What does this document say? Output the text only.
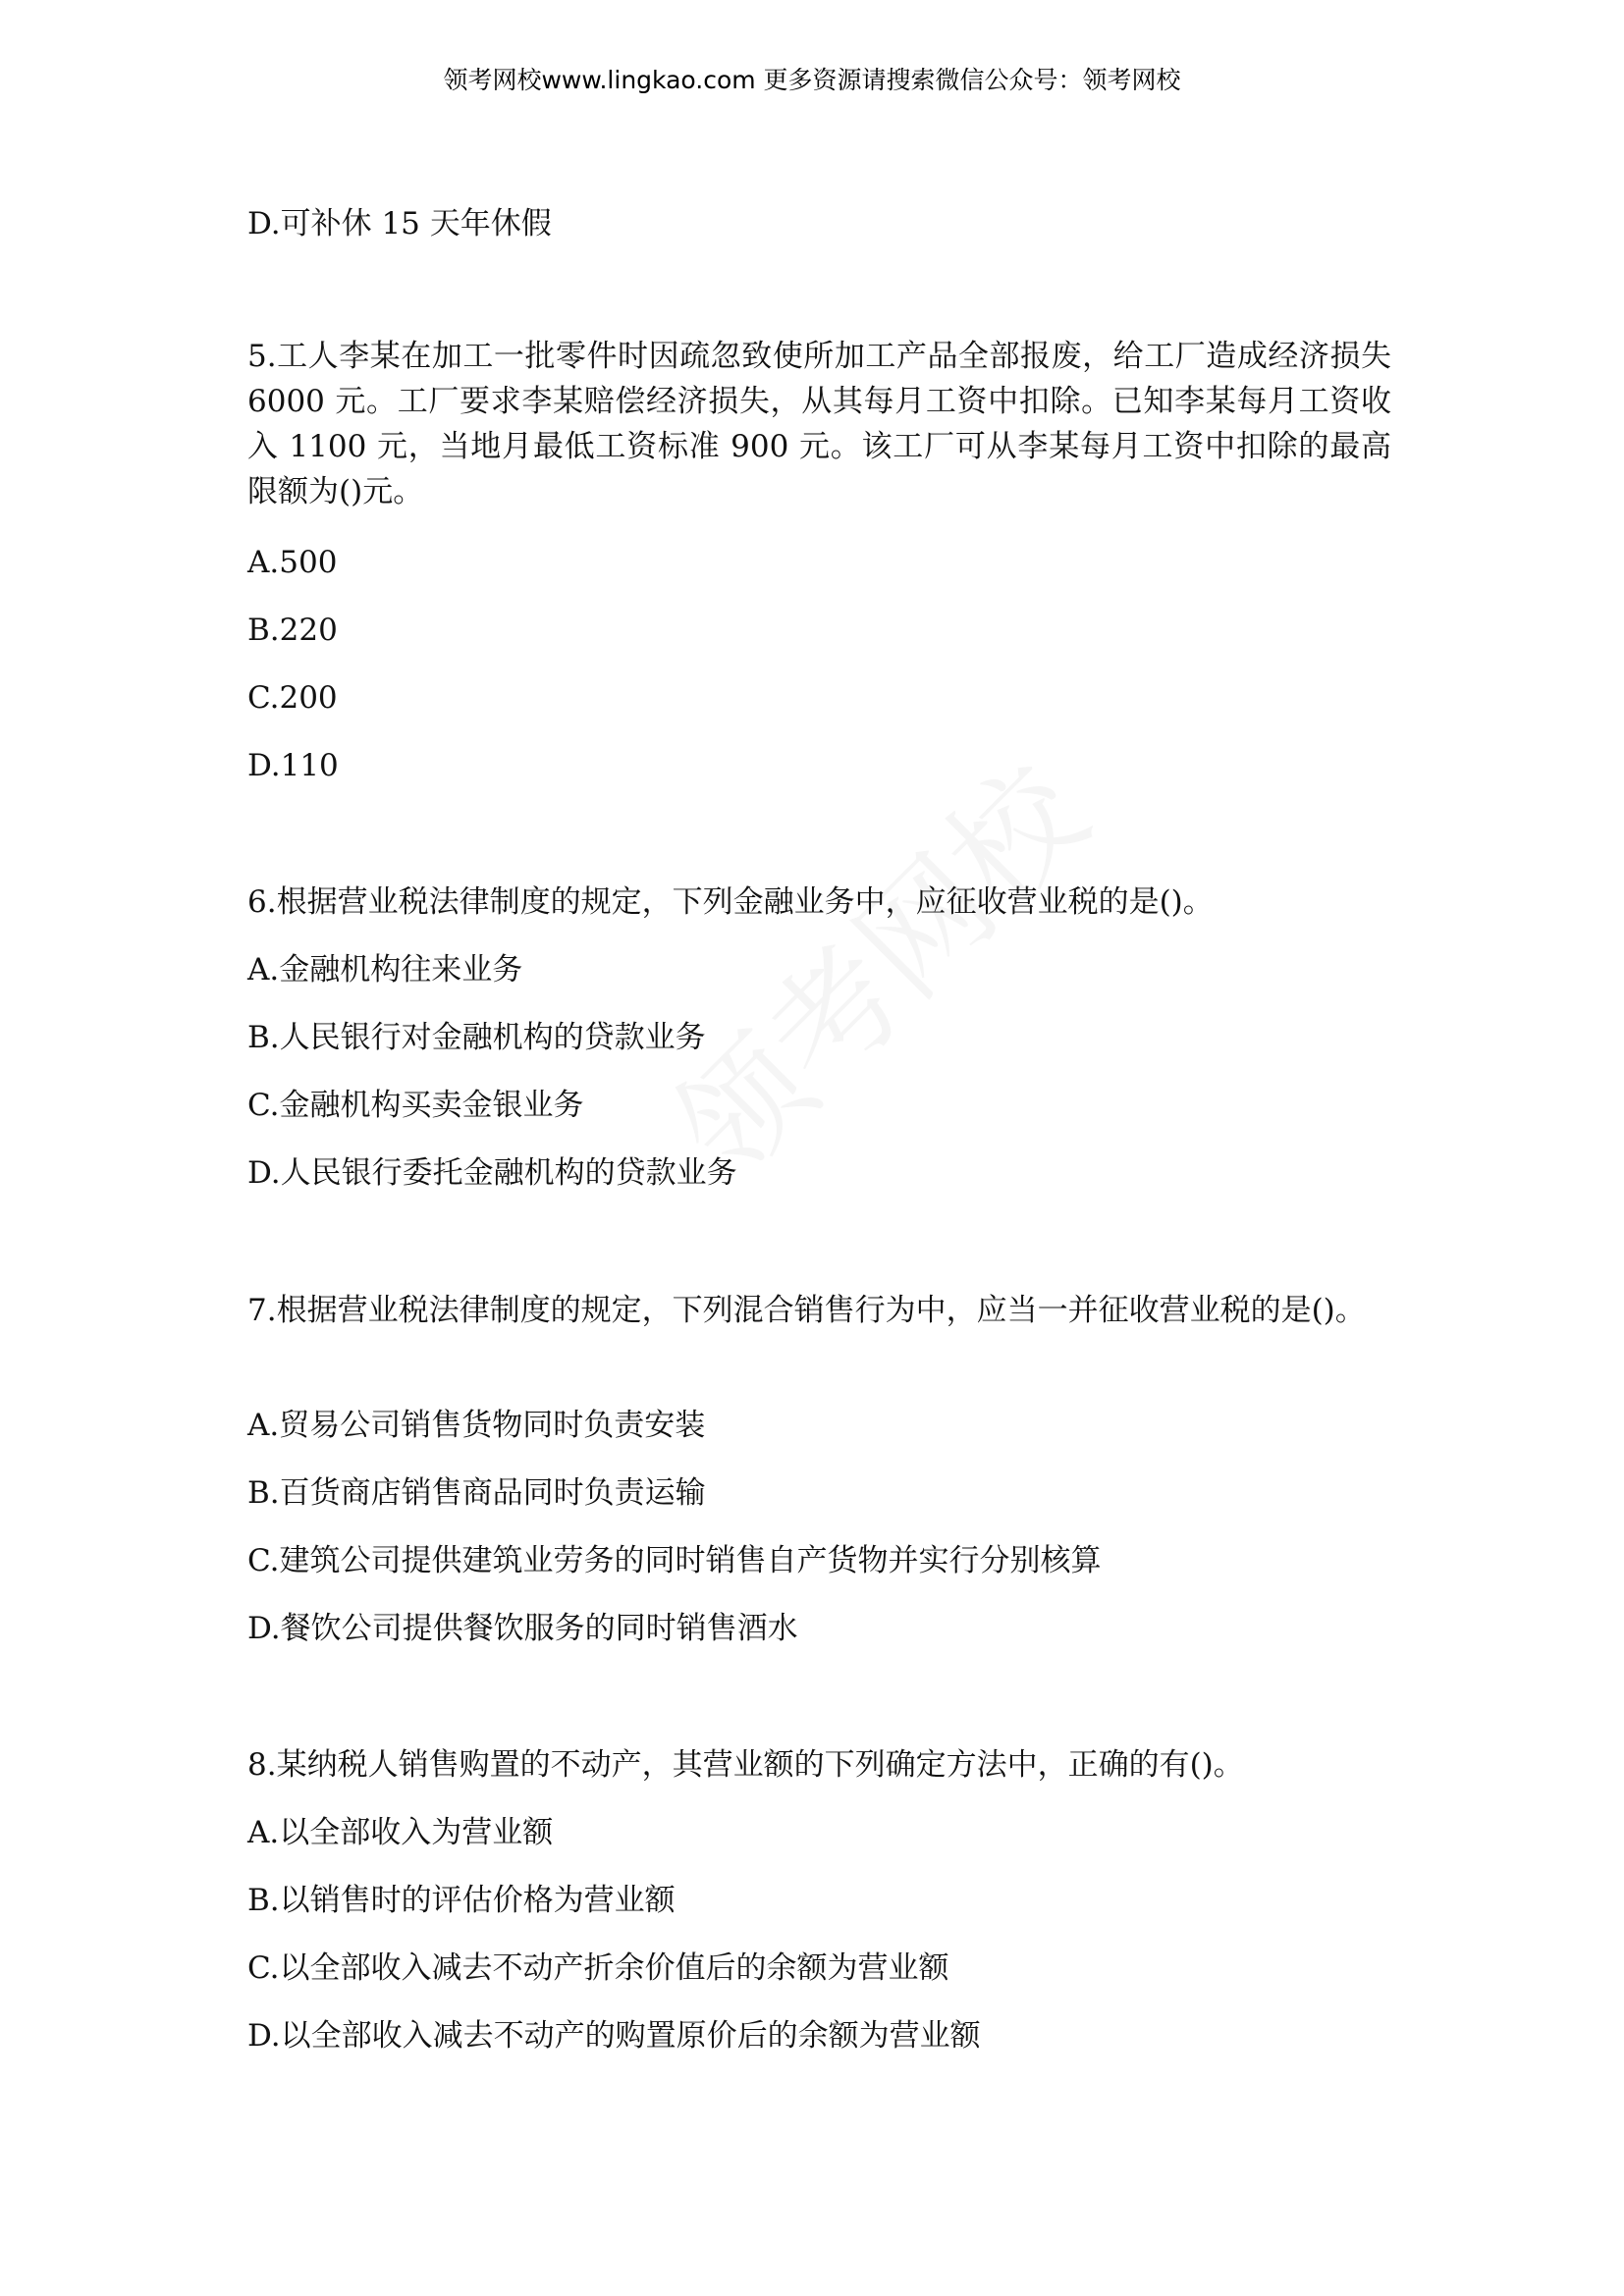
领考网校www.lingkao.com 更多资源请搜索微信公众号：领考网校
D.可补休 15 天年休假
5.工人李某在加工一批零件时因疏忽致使所加工产品全部报废，给工厂造成经济损失 6000 元。工厂要求李某赔偿经济损失，从其每月工资中扣除。已知李某每月工资收入 1100 元，当地月最低工资标准 900 元。该工厂可从李某每月工资中扣除的最高限额为()元。
A.500
B.220
C.200
D.110
6.根据营业税法律制度的规定，下列金融业务中，应征收营业税的是()。
A.金融机构往来业务
B.人民银行对金融机构的贷款业务
C.金融机构买卖金银业务
D.人民银行委托金融机构的贷款业务
7.根据营业税法律制度的规定，下列混合销售行为中，应当一并征收营业税的是()。
A.贸易公司销售货物同时负责安装
B.百货商店销售商品同时负责运输
C.建筑公司提供建筑业劳务的同时销售自产货物并实行分别核算
D.餐饮公司提供餐饮服务的同时销售酒水
8.某纳税人销售购置的不动产，其营业额的下列确定方法中，正确的有()。
A.以全部收入为营业额
B.以销售时的评估价格为营业额
C.以全部收入减去不动产折余价值后的余额为营业额
D.以全部收入减去不动产的购置原价后的余额为营业额
